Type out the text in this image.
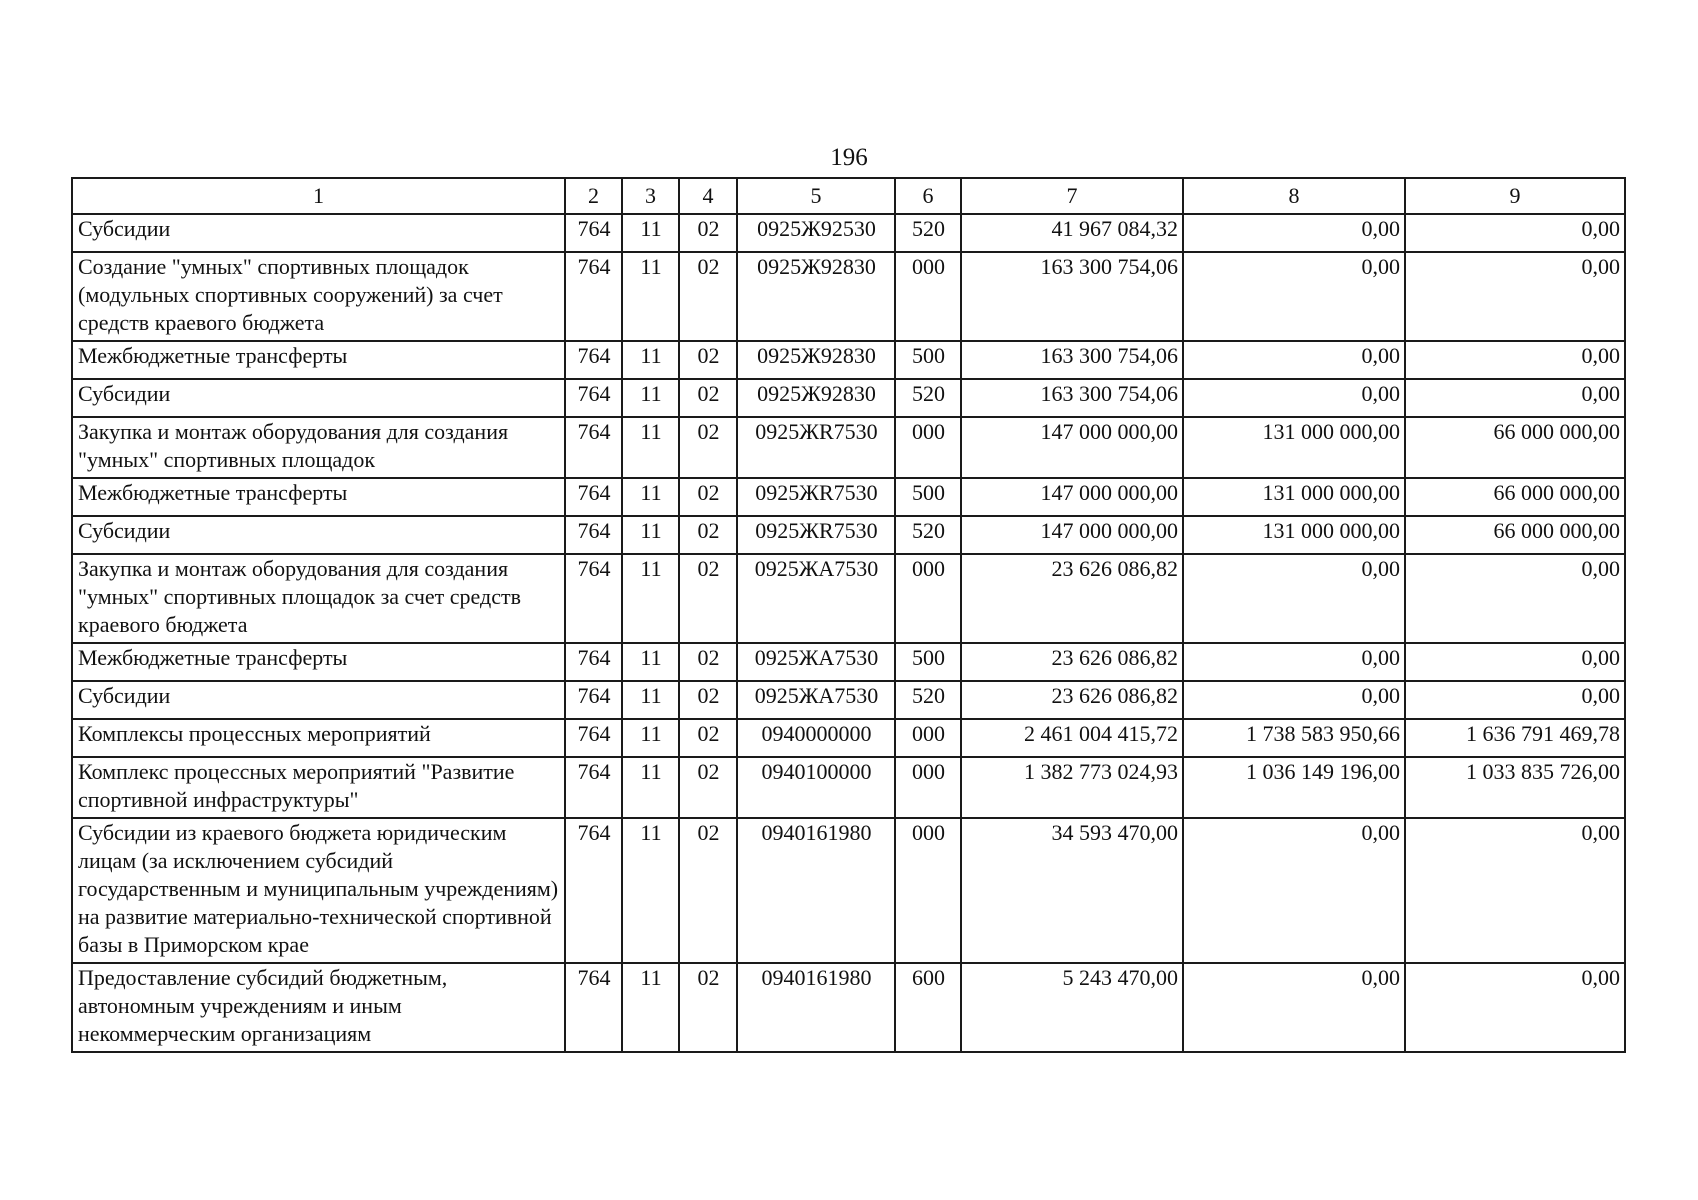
196
1	2	3	4	5	6	7	8	9
Субсидии	764	11	02	0925Ж92530	520	41 967 084,32	0,00	0,00
Создание "умных" спортивных площадок (модульных спортивных сооружений) за счет средств краевого бюджета	764	11	02	0925Ж92830	000	163 300 754,06	0,00	0,00
Межбюджетные трансферты	764	11	02	0925Ж92830	500	163 300 754,06	0,00	0,00
Субсидии	764	11	02	0925Ж92830	520	163 300 754,06	0,00	0,00
Закупка и монтаж оборудования для создания "умных" спортивных площадок	764	11	02	0925ЖR7530	000	147 000 000,00	131 000 000,00	66 000 000,00
Межбюджетные трансферты	764	11	02	0925ЖR7530	500	147 000 000,00	131 000 000,00	66 000 000,00
Субсидии	764	11	02	0925ЖR7530	520	147 000 000,00	131 000 000,00	66 000 000,00
Закупка и монтаж оборудования для создания "умных" спортивных площадок за счет средств краевого бюджета	764	11	02	0925ЖА7530	000	23 626 086,82	0,00	0,00
Межбюджетные трансферты	764	11	02	0925ЖА7530	500	23 626 086,82	0,00	0,00
Субсидии	764	11	02	0925ЖА7530	520	23 626 086,82	0,00	0,00
Комплексы процессных мероприятий	764	11	02	0940000000	000	2 461 004 415,72	1 738 583 950,66	1 636 791 469,78
Комплекс процессных мероприятий "Развитие спортивной инфраструктуры"	764	11	02	0940100000	000	1 382 773 024,93	1 036 149 196,00	1 033 835 726,00
Субсидии из краевого бюджета юридическим лицам (за исключением субсидий государственным и муниципальным учреждениям) на развитие материально-технической спортивной базы в Приморском крае	764	11	02	0940161980	000	34 593 470,00	0,00	0,00
Предоставление субсидий бюджетным, автономным учреждениям и иным некоммерческим организациям	764	11	02	0940161980	600	5 243 470,00	0,00	0,00
